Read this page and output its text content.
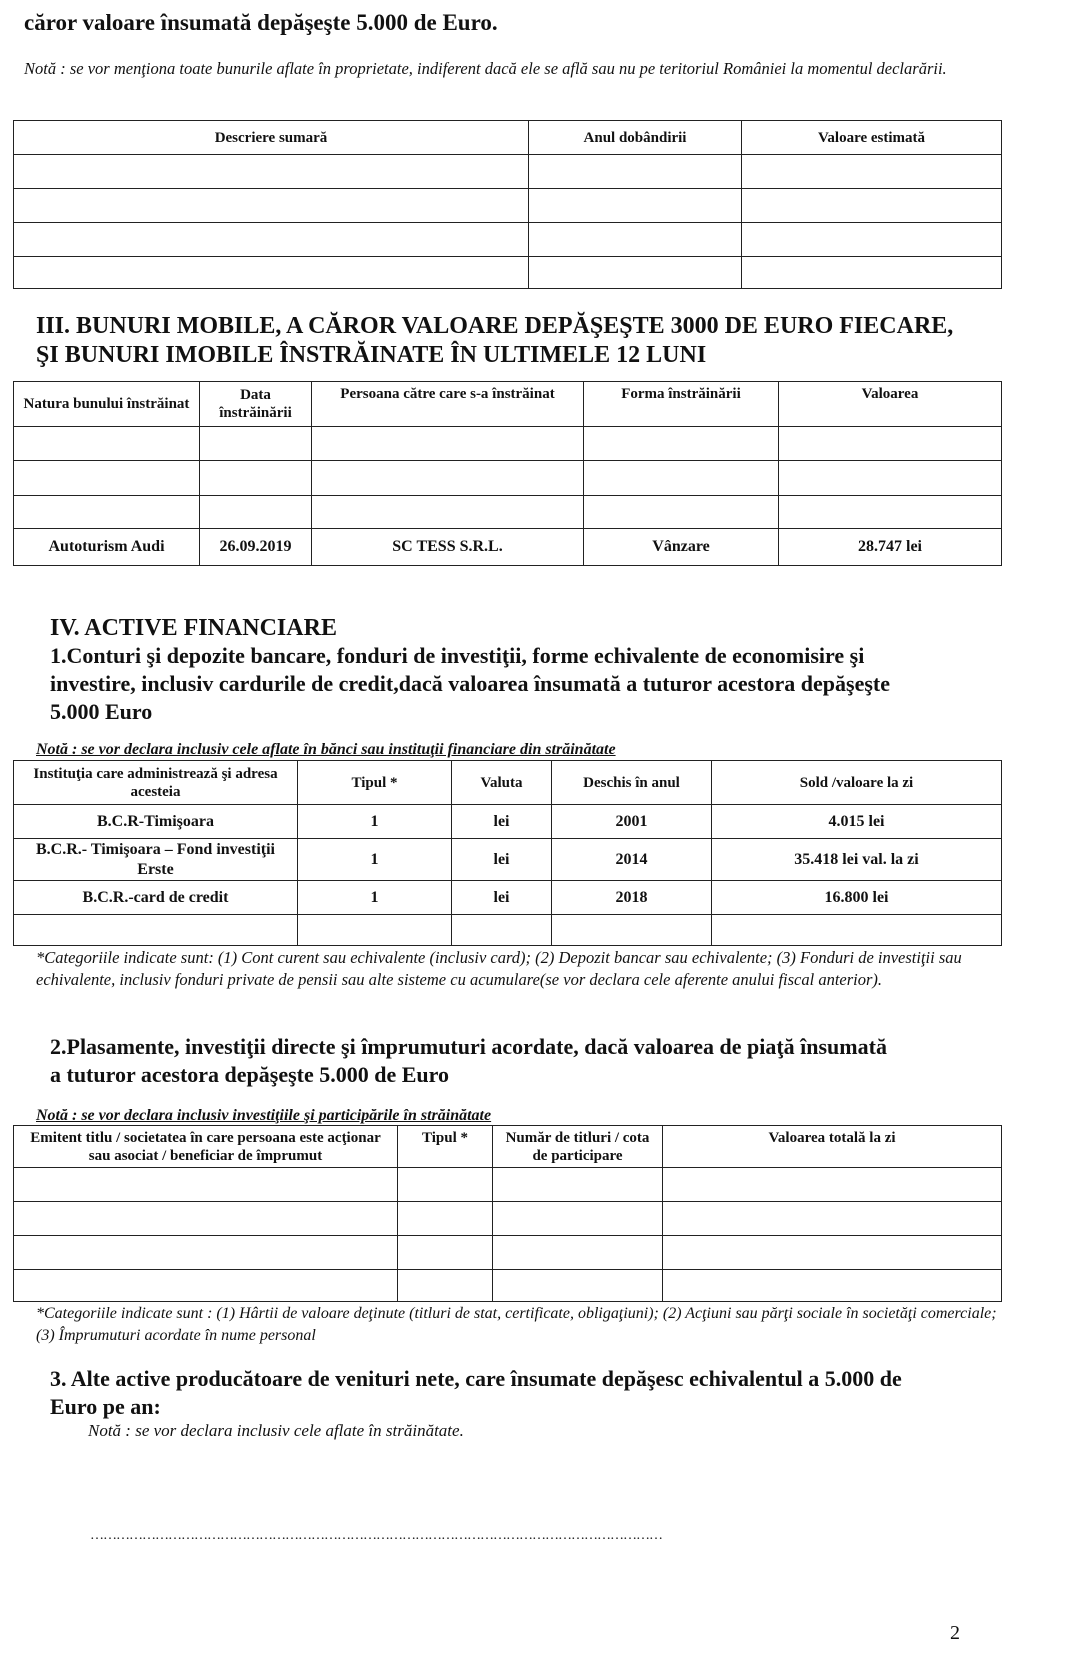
căror valoare însumată depăşeşte 5.000 de Euro.
Notă : se vor menţiona toate bunurile aflate în proprietate, indiferent dacă ele se află sau nu pe teritoriul României la momentul declarării.
Descriere sumară	Anul dobândirii	Valoare estimată

III. BUNURI MOBILE, A CĂROR VALOARE DEPĂŞEŞTE 3000 DE EURO FIECARE,
ŞI BUNURI IMOBILE ÎNSTRĂINATE ÎN ULTIMELE 12 LUNI
Natura bunului înstrăinat	Data înstrăinării	Persoana către care s-a înstrăinat	Forma înstrăinării	Valoarea

Autoturism Audi	26.09.2019	SC TESS S.R.L.	Vânzare	28.747 lei
IV. ACTIVE FINANCIARE
1.Conturi şi depozite bancare, fonduri de investiţii, forme echivalente de economisire şi
investire, inclusiv cardurile de credit,dacă valoarea însumată a tuturor acestora depăşeşte
5.000 Euro
Notă : se vor declara inclusiv cele aflate în bănci sau instituţii financiare din străinătate
Instituţia care administrează şi adresa acesteia	Tipul *	Valuta	Deschis în anul	Sold /valoare la zi
B.C.R-Timişoara	1	lei	2001	4.015 lei
B.C.R.- Timişoara – Fond investiţii Erste	1	lei	2014	35.418 lei val. la zi
B.C.R.-card de credit	1	lei	2018	16.800 lei

*Categoriile indicate sunt: (1) Cont curent sau echivalente (inclusiv card); (2) Depozit bancar sau echivalente; (3) Fonduri de investiţii sau echivalente, inclusiv fonduri private de pensii sau alte sisteme cu acumulare(se vor declara cele aferente anului fiscal anterior).
2.Plasamente, investiţii directe şi împrumuturi acordate, dacă valoarea de piaţă însumată
a tuturor acestora depăşeşte 5.000 de Euro
Notă : se vor declara inclusiv investiţiile şi participările în străinătate
Emitent titlu / societatea în care persoana este acţionar sau asociat / beneficiar de împrumut	Tipul *	Număr de titluri / cota de participare	Valoarea totală la zi

*Categoriile indicate sunt : (1) Hârtii de valoare deţinute (titluri de stat, certificate, obligaţiuni); (2) Acţiuni sau părţi sociale în societăţi comerciale; (3) Împrumuturi acordate în nume personal
3. Alte active producătoare de venituri nete, care însumate depăşesc echivalentul a 5.000 de
Euro pe an:
Notă : se vor declara inclusiv cele aflate în străinătate.
……………………………………………………………………………………………………………………
2
